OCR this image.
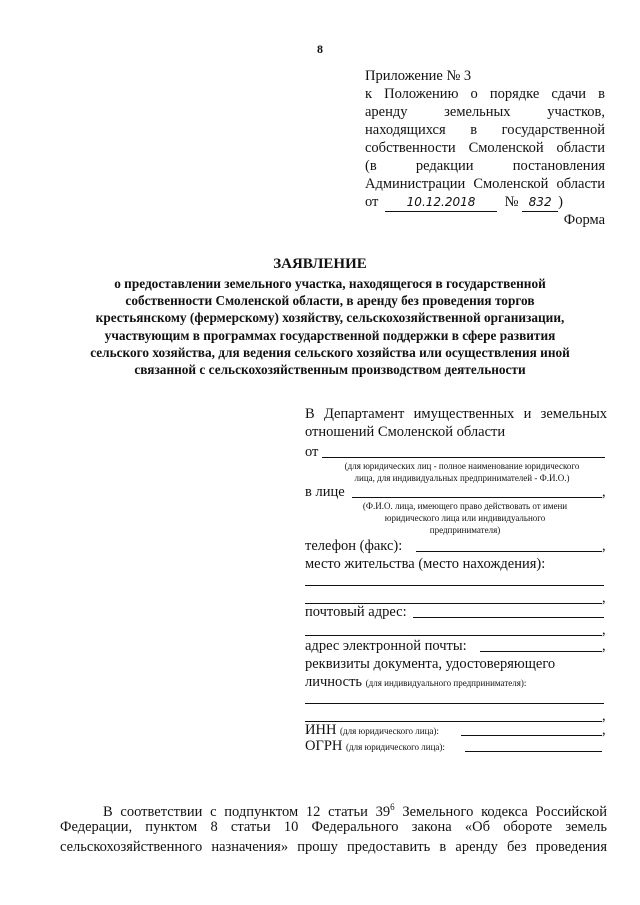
8
Приложение № 3
к Положению о порядке сдачи в
аренду земельных участков,
находящихся в государственной
собственности Смоленской области
(в редакции постановления
Администрации Смоленской области
от 10.12.2018 № 832 )
Форма
ЗАЯВЛЕНИЕ
о предоставлении земельного участка, находящегося в государственной
собственности Смоленской области, в аренду без проведения торгов
крестьянскому (фермерскому) хозяйству, сельскохозяйственной организации,
участвующим в программах государственной поддержки в сфере развития
сельского хозяйства, для ведения сельского хозяйства или осуществления иной
связанной с сельскохозяйственным производством деятельности
В Департамент имущественных и земельных
отношений Смоленской области
от
(для юридических лиц - полное наименование юридического
лица, для индивидуальных предпринимателей - Ф.И.О.)
в лице	,
(Ф.И.О. лица, имеющего право действовать от имени
юридического лица или индивидуального
предпринимателя)
телефон (факс):	,
место жительства (место нахождения):
,
почтовый адрес:
,
адрес электронной почты:	,
реквизиты документа, удостоверяющего
личность (для индивидуального предпринимателя):
,
ИНН (для юридического лица):	,
ОГРН (для юридического лица):
В соответствии с подпунктом 12 статьи $39^6$ Земельного кодекса Российской
Федерации, пунктом 8 статьи 10 Федерального закона «Об обороте земель
сельскохозяйственного назначения» прошу предоставить в аренду без проведения
